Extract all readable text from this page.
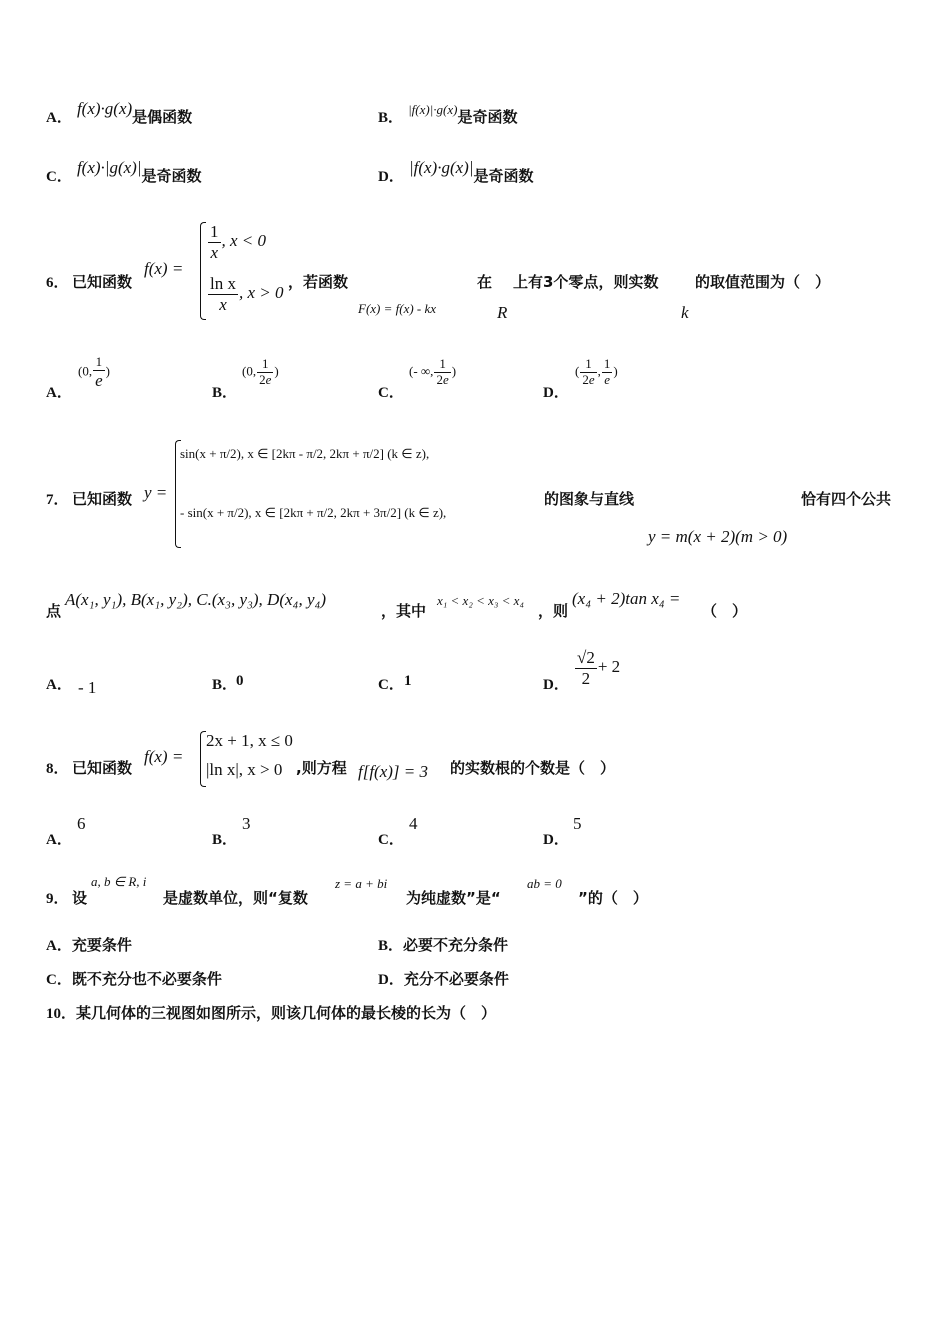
A． f(x)·g(x)是偶函数	B． $^{|f(x)|\cdot g(x)}$是奇函数
C． f(x)·|g(x)|是奇函数	D． |f(x)·g(x)|是奇函数
6． 已知函数
f(x) =
$\frac{1}{x}$ , x < 0
$\frac{\text{ln x}}{x}$ , x > 0
，若函数
F(x) = f(x) - kx
在
R
上有3个零点，则实数
k
的取值范围为（　）
A．
(0, $\frac{1}{e}$ )
B．
(0, $\frac{1}{2e}$ )
C．
(- ∞, $\frac{1}{2e}$ )
D．
( $\frac{1}{2e}$ , $\frac{1}{e}$ )
7． 已知函数 y =
sin(x + π/2), x ∈ [2kπ - π/2, 2kπ + π/2] (k ∈ z),
- sin(x + π/2), x ∈ [2kπ + π/2, 2kπ + 3π/2] (k ∈ z),
的图象与直线
y = m(x + 2)(m > 0)
恰有四个公共
点
A(x₁, y₁), B(x₁, y₂), C.(x₃, y₃), D(x₄, y₄)
，其中
x₁ < x₂ < x₃ < x₄
，则
(x₄ + 2)tan x₄ =
（　）
A． - 1	B．
0	C． 1	D． $\frac{√2}{2} + 2$
8． 已知函数
f(x) =
2x + 1, x ≤ 0
|ln x|, x > 0 ,则方程 f[f(x)] = 3 的实数根的个数是（　）
A．
6
B．
3
C．
4
D．
5
9． 设
a, b ∈ R, i
是虚数单位，则“复数
z = a + bi
为纯虚数”是“
ab = 0
”的（　）
A．充要条件	B．必要不充分条件
C．既不充分也不必要条件	D．充分不必要条件
10．某几何体的三视图如图所示，则该几何体的最长棱的长为（　）
